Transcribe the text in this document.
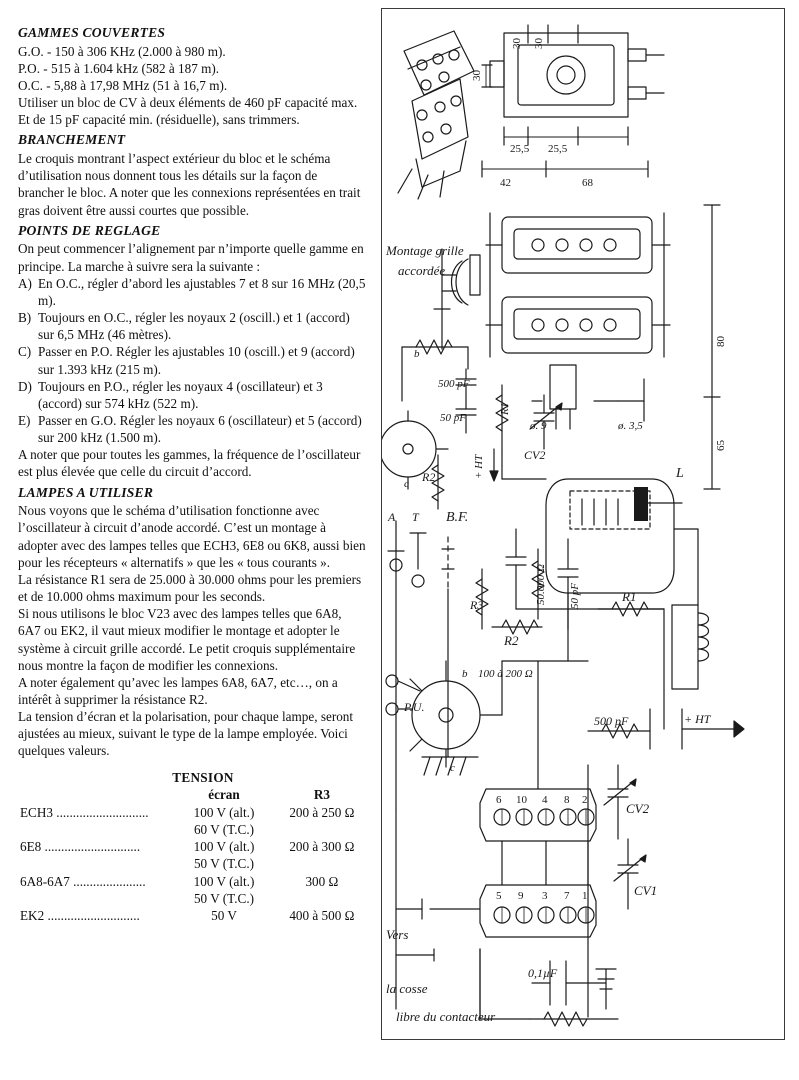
GAMMES COUVERTES

G.O. - 150 à 306 KHz (2.000 à 980 m).

P.O. - 515 à 1.604 kHz (582 à 187 m).

O.C. - 5,88 à 17,98 MHz (51 à 16,7 m).

Utiliser un bloc de CV à deux éléments de 460 pF capacité max. Et de 15 pF capacité min. (résiduelle), sans trimmers.

BRANCHEMENT

Le croquis montrant l’aspect extérieur du bloc et le schéma d’utilisation nous donnent tous les détails sur la façon de brancher le bloc. A noter que les connexions représentées en trait gras doivent être aussi courtes que possible.

POINTS DE REGLAGE

On peut commencer l’alignement par n’importe quelle gamme en principe. La marche à suivre sera la suivante :

A) En O.C., régler d’abord les ajustables 7 et 8 sur 16 MHz (20,5 m).
B) Toujours en O.C., régler les noyaux 2 (oscill.) et 1 (accord) sur 6,5 MHz (46 mètres).
C) Passer en P.O. Régler les ajustables 10 (oscill.) et 9 (accord) sur 1.393 kHz (215 m).
D) Toujours en P.O., régler les noyaux 4 (oscillateur) et 3 (accord) sur 574 kHz (522 m).
E) Passer en G.O. Régler les noyaux 6 (oscillateur) et 5 (accord) sur 200 kHz (1.500 m).

A noter que pour toutes les gammes, la fréquence de l’oscillateur est plus élevée que celle du circuit d’accord.

LAMPES A UTILISER

Nous voyons que le schéma d’utilisation fonctionne avec l’oscillateur à circuit d’anode accordé. C’est un montage à adopter avec des lampes telles que ECH3, 6E8 ou 6K8, aussi bien pour les récepteurs « alternatifs » que les « tous courants ».

La résistance R1 sera de 25.000 à 30.000 ohms pour les premiers et de 10.000 ohms maximum pour les seconds.

Si nous utilisons le bloc V23 avec des lampes telles que 6A8, 6A7 ou EK2, il vaut mieux modifier le montage et adopter le système à circuit grille accordé. Le petit croquis supplémentaire nous montre la façon de modifier les connexions.

A noter également qu’avec les lampes 6A8, 6A7, etc…, on a intérêt à supprimer la résistance R2.

La tension d’écran et la polarisation, pour chaque lampe, seront ajustées au mieux, suivant le type de la lampe employée. Voici quelques valeurs.

TENSION
	écran	R3
ECH3 ............................	100 V (alt.)	200 à 250 Ω
	60 V (T.C.)	
6E8 .............................	100 V (alt.)	200 à 300 Ω
	50 V (T.C.)	
6A8-6A7 ......................	100 V (alt.)	300 Ω
	50 V (T.C.)	
EK2 ............................	50 V	400 à 500 Ω
30 30
30
25,5 25,5
42	68
80
65
Montage grille
accordée
ø. 9	ø. 3,5
500 pF
50 pF
b
c R2	+ HT
R1
CV2
L
A T B.F.
R3	50.000 Ω 50 pF	R1
R2
100 à 200 Ω
P.U.
b
c
6 10 4 8 2
5 9 3 7 1
500 pF	+ HT
CV2
CV1
0,1µF
Vers
la cosse
libre du contacteur
